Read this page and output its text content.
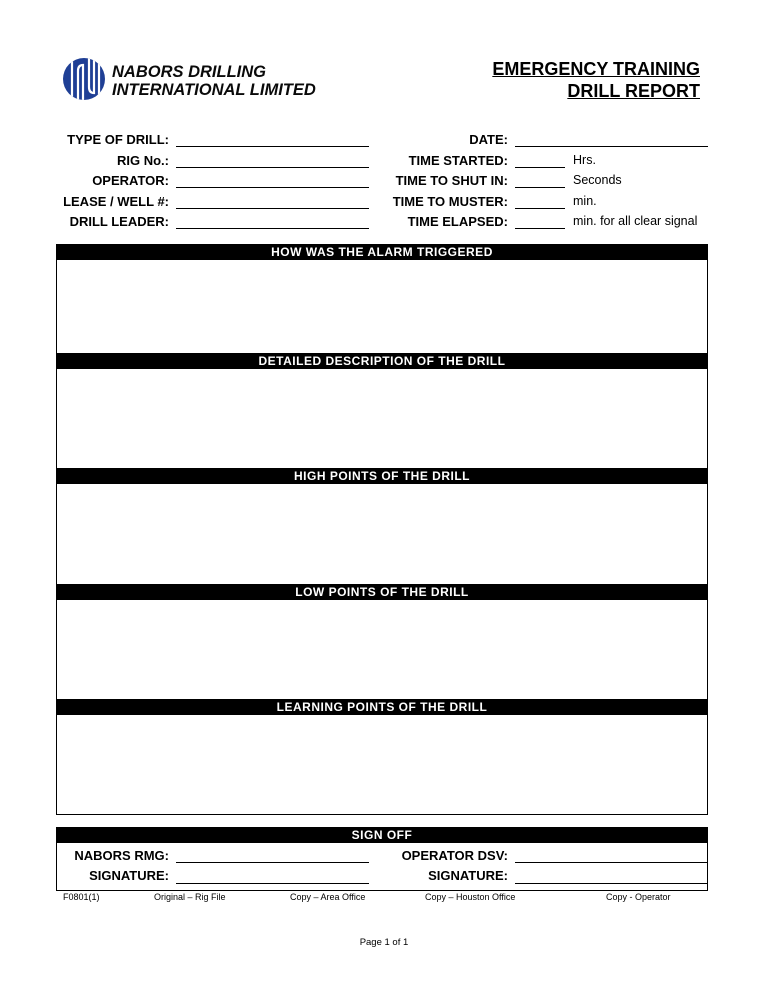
NABORS DRILLING
INTERNATIONAL LIMITED
EMERGENCY TRAINING
DRILL REPORT
TYPE OF DRILL:
RIG No.:
OPERATOR:
LEASE / WELL #:
DRILL LEADER:
DATE:
TIME STARTED:	Hrs.
TIME TO SHUT IN:	Seconds
TIME TO MUSTER:	min.
TIME ELAPSED:	min. for all clear signal
HOW WAS THE ALARM TRIGGERED
DETAILED DESCRIPTION OF THE DRILL
HIGH POINTS OF THE DRILL
LOW POINTS OF THE DRILL
LEARNING POINTS OF THE DRILL
SIGN OFF
NABORS RMG:
SIGNATURE:
OPERATOR DSV:
SIGNATURE:
F0801(1)	Original – Rig File	Copy – Area Office	Copy – Houston Office	Copy - Operator
Page 1 of 1
